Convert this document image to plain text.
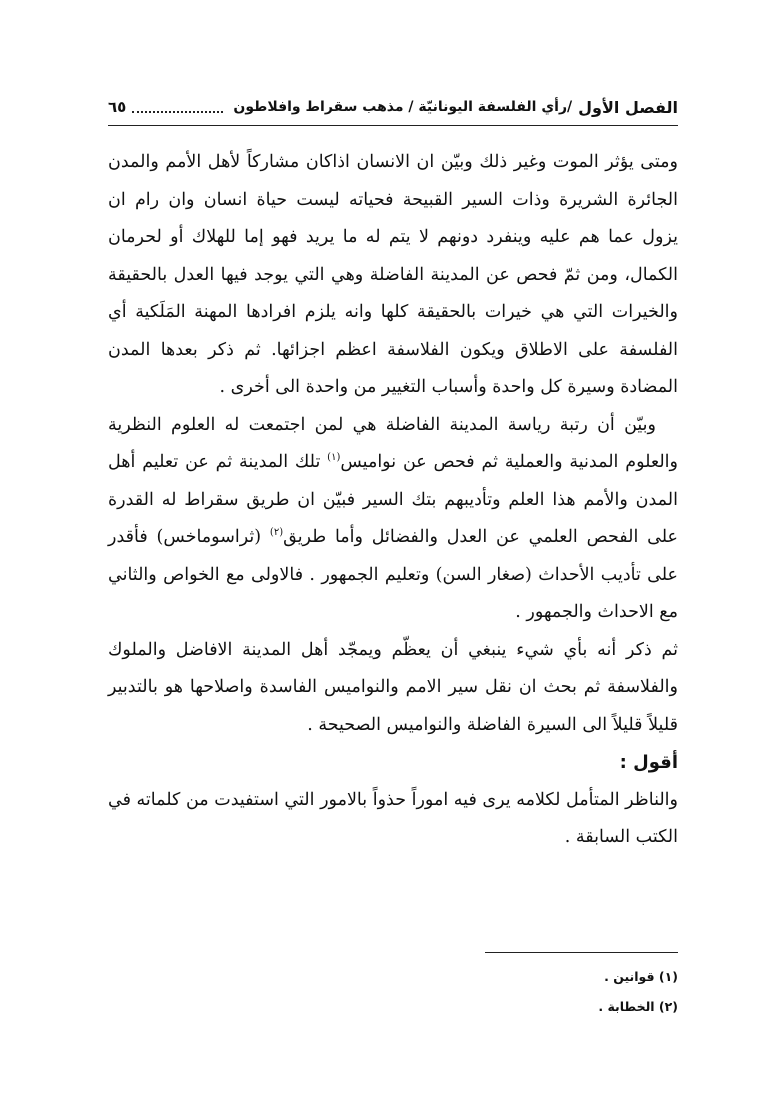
الفصل الأول
/رأي الفلسفة اليونانيّة / مذهب سقراط وافلاطون
٦٥

ومتى يؤثر الموت وغير ذلك وبيّن ان الانسان اذاكان مشاركاً لأهل الأمم والمدن الجائرة الشريرة وذات السير القبيحة فحياته ليست حياة انسان وان رام ان يزول عما هم عليه وينفرد دونهم لا يتم له ما يريد فهو إما للهلاك أو لحرمان الكمال، ومن ثمّ فحص عن المدينة الفاضلة وهي التي يوجد فيها العدل بالحقيقة والخيرات التي هي خيرات بالحقيقة كلها وانه يلزم افرادها المهنة المَلَكية أي الفلسفة على الاطلاق ويكون الفلاسفة اعظم اجزائها. ثم ذكر بعدها المدن المضادة وسيرة كل واحدة وأسباب التغيير من واحدة الى أخرى .

وبيّن أن رتبة رياسة المدينة الفاضلة هي لمن اجتمعت له العلوم النظرية والعلوم المدنية والعملية ثم فحص عن نواميس$^{(١)}$ تلك المدينة ثم عن تعليم أهل المدن والأمم هذا العلم وتأديبهم بتك السير فبيّن ان طريق سقراط له القدرة على الفحص العلمي عن العدل والفضائل وأما طريق$^{(٢)}$ (ثراسوماخس) فأقدر على تأديب الأحداث (صغار السن) وتعليم الجمهور . فالاولى مع الخواص والثاني مع الاحداث والجمهور .

ثم ذكر أنه بأي شيء ينبغي أن يعظّم ويمجّد أهل المدينة الافاضل والملوك والفلاسفة ثم بحث ان نقل سير الامم والنواميس الفاسدة واصلاحها هو بالتدبير قليلاً قليلاً الى السيرة الفاضلة والنواميس الصحيحة .

أقول :

والناظر المتأمل لكلامه يرى فيه اموراً حذواً بالامور التي استفيدت من كلماته في الكتب السابقة .

(١) قوانين .
(٢) الخطابة .
